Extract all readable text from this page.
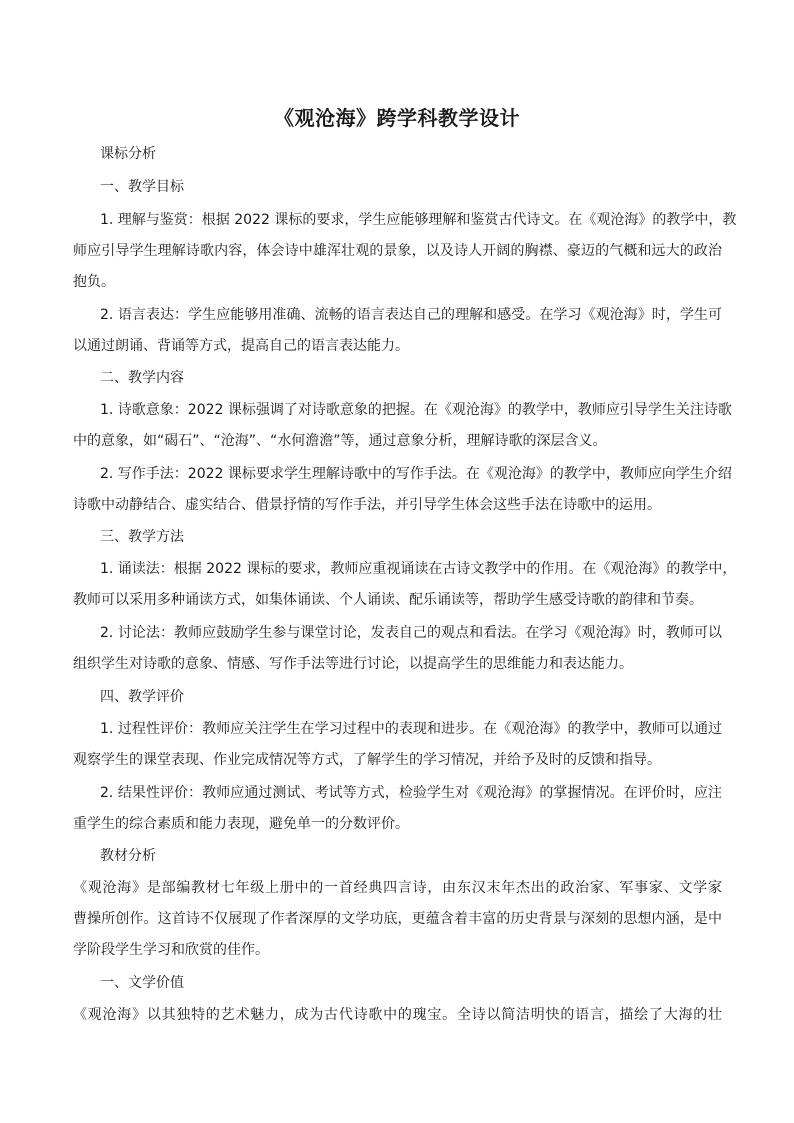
《观沧海》跨学科教学设计
课标分析
一、教学目标
1. 理解与鉴赏：根据 2022 课标的要求，学生应能够理解和鉴赏古代诗文。在《观沧海》的教学中，教
师应引导学生理解诗歌内容，体会诗中雄浑壮观的景象，以及诗人开阔的胸襟、豪迈的气概和远大的政治
抱负。
2. 语言表达：学生应能够用准确、流畅的语言表达自己的理解和感受。在学习《观沧海》时，学生可
以通过朗诵、背诵等方式，提高自己的语言表达能力。
二、教学内容
1. 诗歌意象：2022 课标强调了对诗歌意象的把握。在《观沧海》的教学中，教师应引导学生关注诗歌
中的意象，如“碣石”、“沧海”、“水何澹澹”等，通过意象分析，理解诗歌的深层含义。
2. 写作手法：2022 课标要求学生理解诗歌中的写作手法。在《观沧海》的教学中，教师应向学生介绍
诗歌中动静结合、虚实结合、借景抒情的写作手法，并引导学生体会这些手法在诗歌中的运用。
三、教学方法
1. 诵读法：根据 2022 课标的要求，教师应重视诵读在古诗文教学中的作用。在《观沧海》的教学中，
教师可以采用多种诵读方式，如集体诵读、个人诵读、配乐诵读等，帮助学生感受诗歌的韵律和节奏。
2. 讨论法：教师应鼓励学生参与课堂讨论，发表自己的观点和看法。在学习《观沧海》时，教师可以
组织学生对诗歌的意象、情感、写作手法等进行讨论，以提高学生的思维能力和表达能力。
四、教学评价
1. 过程性评价：教师应关注学生在学习过程中的表现和进步。在《观沧海》的教学中，教师可以通过
观察学生的课堂表现、作业完成情况等方式，了解学生的学习情况，并给予及时的反馈和指导。
2. 结果性评价：教师应通过测试、考试等方式，检验学生对《观沧海》的掌握情况。在评价时，应注
重学生的综合素质和能力表现，避免单一的分数评价。
教材分析
《观沧海》是部编教材七年级上册中的一首经典四言诗，由东汉末年杰出的政治家、军事家、文学家
曹操所创作。这首诗不仅展现了作者深厚的文学功底，更蕴含着丰富的历史背景与深刻的思想内涵，是中
学阶段学生学习和欣赏的佳作。
一、文学价值
《观沧海》以其独特的艺术魅力，成为古代诗歌中的瑰宝。全诗以简洁明快的语言，描绘了大海的壮
